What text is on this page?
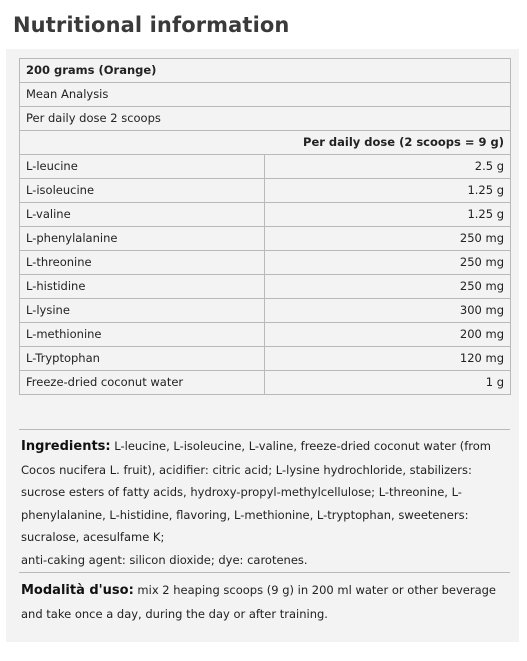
Nutritional information
200 grams (Orange)	
Mean Analysis	
Per daily dose 2 scoops	
	Per daily dose (2 scoops = 9 g)
L-leucine	2.5 g
L-isoleucine	1.25 g
L-valine	1.25 g
L-phenylalanine	250 mg
L-threonine	250 mg
L-histidine	250 mg
L-lysine	300 mg
L-methionine	200 mg
L-Tryptophan	120 mg
Freeze-dried coconut water	1 g
Ingredients: L-leucine, L-isoleucine, L-valine, freeze-dried coconut water (from
Cocos nucifera L. fruit), acidifier: citric acid; L-lysine hydrochloride, stabilizers:
sucrose esters of fatty acids, hydroxy-propyl-methylcellulose; L-threonine, L-
phenylalanine, L-histidine, flavoring, L-methionine, L-tryptophan, sweeteners:
sucralose, acesulfame K;
anti-caking agent: silicon dioxide; dye: carotenes.
Modalità d'uso: mix 2 heaping scoops (9 g) in 200 ml water or other beverage
and take once a day, during the day or after training.
